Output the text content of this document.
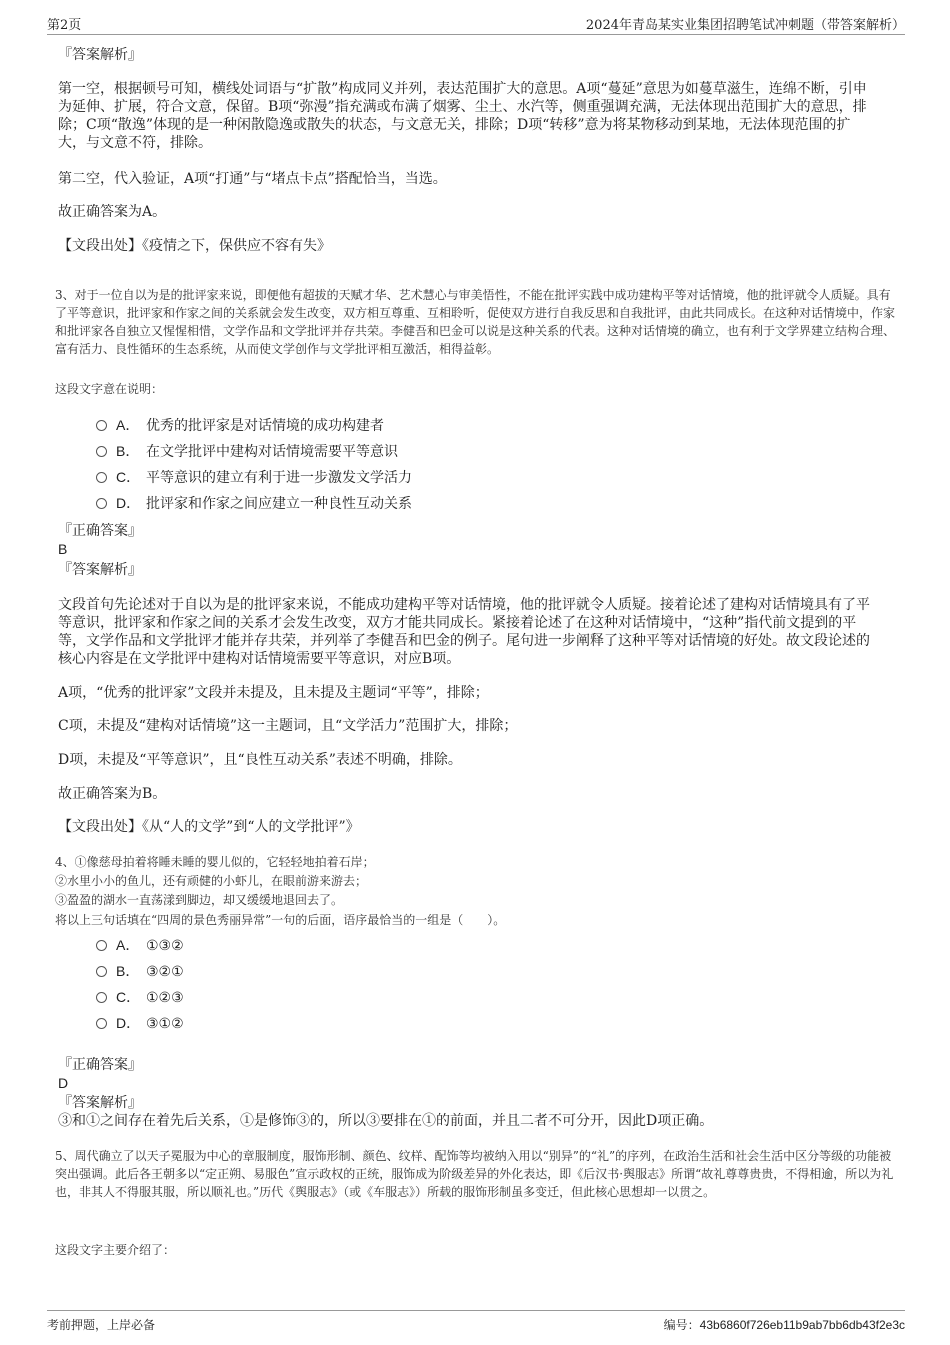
第2页	2024年青岛某实业集团招聘笔试冲刺题（带答案解析）

『答案解析』

第一空，根据顿号可知，横线处词语与“扩散”构成同义并列，表达范围扩大的意思。A项“蔓延”意思为如蔓草滋生，连绵不断，引申为延伸、扩展，符合文意，保留。B项“弥漫”指充满或布满了烟雾、尘土、水汽等，侧重强调充满，无法体现出范围扩大的意思，排除；C项“散逸”体现的是一种闲散隐逸或散失的状态，与文意无关，排除；D项“转移”意为将某物移动到某地，无法体现范围的扩大，与文意不符，排除。

第二空，代入验证，A项“打通”与“堵点卡点”搭配恰当，当选。

故正确答案为A。

【文段出处】《疫情之下，保供应不容有失》

3、对于一位自以为是的批评家来说，即便他有超拔的天赋才华、艺术慧心与审美悟性，不能在批评实践中成功建构平等对话情境，他的批评就令人质疑。具有了平等意识，批评家和作家之间的关系就会发生改变，双方相互尊重、互相聆听，促使双方进行自我反思和自我批评，由此共同成长。在这种对话情境中，作家和批评家各自独立又惺惺相惜，文学作品和文学批评并存共荣。李健吾和巴金可以说是这种关系的代表。这种对话情境的确立，也有利于文学界建立结构合理、富有活力、良性循环的生态系统，从而使文学创作与文学批评相互激活，相得益彰。

这段文字意在说明：

A． 优秀的批评家是对话情境的成功构建者
B． 在文学批评中建构对话情境需要平等意识
C． 平等意识的建立有利于进一步激发文学活力
D． 批评家和作家之间应建立一种良性互动关系

『正确答案』

B

『答案解析』

文段首句先论述对于自以为是的批评家来说，不能成功建构平等对话情境，他的批评就令人质疑。接着论述了建构对话情境具有了平等意识，批评家和作家之间的关系才会发生改变，双方才能共同成长。紧接着论述了在这种对话情境中，“这种”指代前文提到的平等，文学作品和文学批评才能并存共荣，并列举了李健吾和巴金的例子。尾句进一步阐释了这种平等对话情境的好处。故文段论述的核心内容是在文学批评中建构对话情境需要平等意识，对应B项。

A项，“优秀的批评家”文段并未提及，且未提及主题词“平等”，排除；

C项，未提及“建构对话情境”这一主题词，且“文学活力”范围扩大，排除；

D项，未提及“平等意识”，且“良性互动关系”表述不明确，排除。

故正确答案为B。

【文段出处】《从“人的文学”到“人的文学批评”》

4、①像慈母拍着将睡未睡的婴儿似的，它轻轻地拍着石岸；

②水里小小的鱼儿，还有顽健的小虾儿，在眼前游来游去；

③盈盈的湖水一直荡漾到脚边，却又缓缓地退回去了。

将以上三句话填在“四周的景色秀丽异常”一句的后面，语序最恰当的一组是（　　）。

A． ①③②
B． ③②①
C． ①②③
D． ③①②

『正确答案』

D

『答案解析』

③和①之间存在着先后关系，①是修饰③的，所以③要排在①的前面，并且二者不可分开，因此D项正确。

5、周代确立了以天子冕服为中心的章服制度，服饰形制、颜色、纹样、配饰等均被纳入用以“别异”的“礼”的序列，在政治生活和社会生活中区分等级的功能被突出强调。此后各王朝多以“定正朔、易服色”宣示政权的正统，服饰成为阶级差异的外化表达，即《后汉书·舆服志》所谓“故礼尊尊贵贵，不得相逾，所以为礼也，非其人不得服其服，所以顺礼也。”历代《舆服志》（或《车服志》）所载的服饰形制虽多变迁，但此核心思想却一以贯之。

这段文字主要介绍了：

考前押题，上岸必备	编号：43b6860f726eb11b9ab7bb6db43f2e3c
